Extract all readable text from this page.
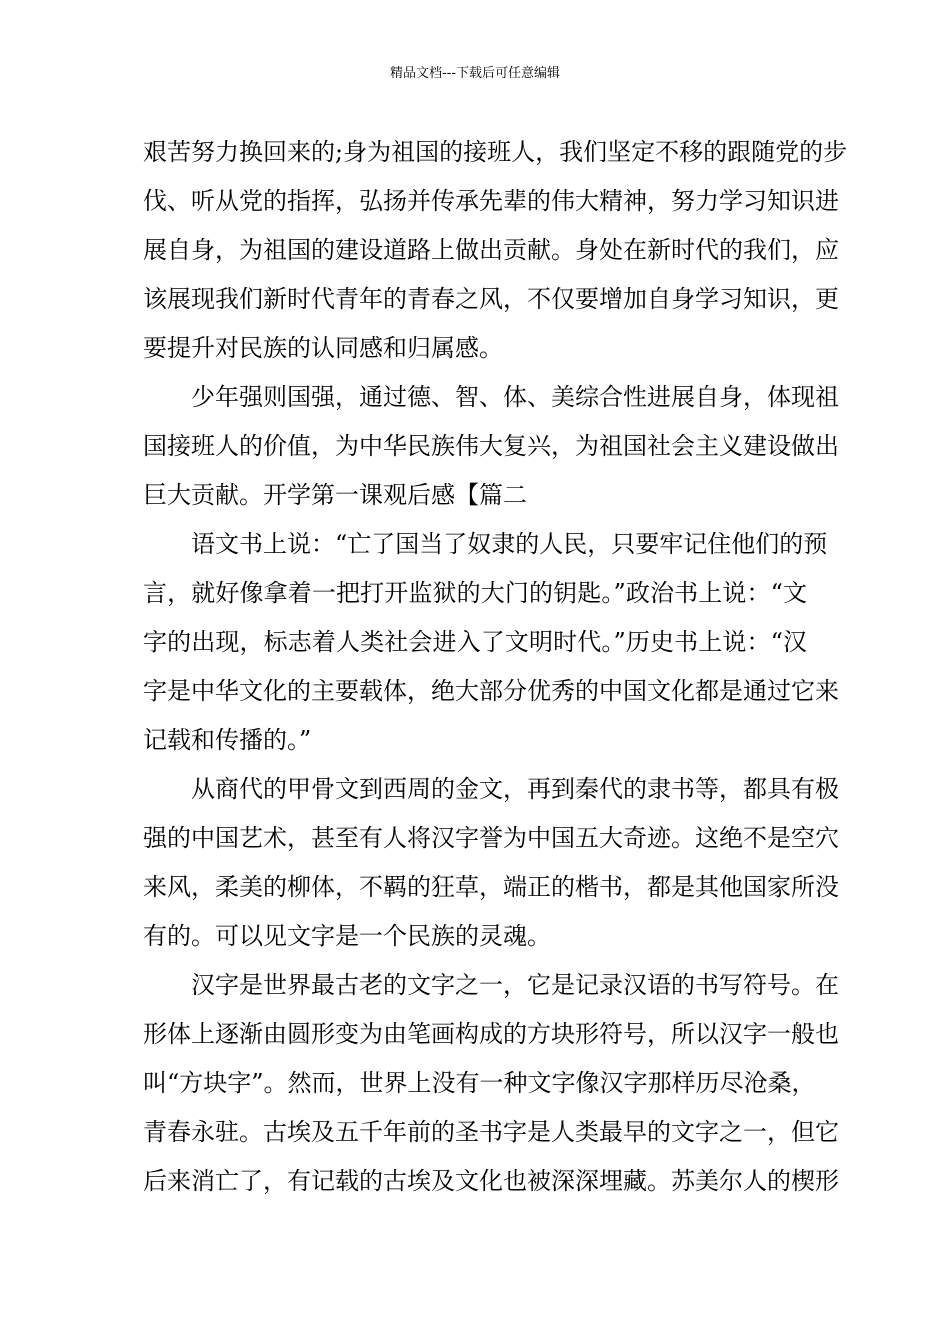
精品文档---下载后可任意编辑
艰苦努力换回来的;身为祖国的接班人，我们坚定不移的跟随党的步
伐、听从党的指挥，弘扬并传承先辈的伟大精神，努力学习知识进
展自身，为祖国的建设道路上做出贡献。身处在新时代的我们，应
该展现我们新时代青年的青春之风，不仅要增加自身学习知识，更
要提升对民族的认同感和归属感。
少年强则国强，通过德、智、体、美综合性进展自身，体现祖
国接班人的价值，为中华民族伟大复兴，为祖国社会主义建设做出
巨大贡献。开学第一课观后感【篇二
语文书上说：“亡了国当了奴隶的人民，只要牢记住他们的预
言，就好像拿着一把打开监狱的大门的钥匙。”政治书上说：“文
字的出现，标志着人类社会进入了文明时代。”历史书上说：“汉
字是中华文化的主要载体，绝大部分优秀的中国文化都是通过它来
记载和传播的。”
从商代的甲骨文到西周的金文，再到秦代的隶书等，都具有极
强的中国艺术，甚至有人将汉字誉为中国五大奇迹。这绝不是空穴
来风，柔美的柳体，不羁的狂草，端正的楷书，都是其他国家所没
有的。可以见文字是一个民族的灵魂。
汉字是世界最古老的文字之一，它是记录汉语的书写符号。在
形体上逐渐由圆形变为由笔画构成的方块形符号，所以汉字一般也
叫“方块字”。然而，世界上没有一种文字像汉字那样历尽沧桑，
青春永驻。古埃及五千年前的圣书字是人类最早的文字之一，但它
后来消亡了，有记载的古埃及文化也被深深埋藏。苏美尔人的楔形
